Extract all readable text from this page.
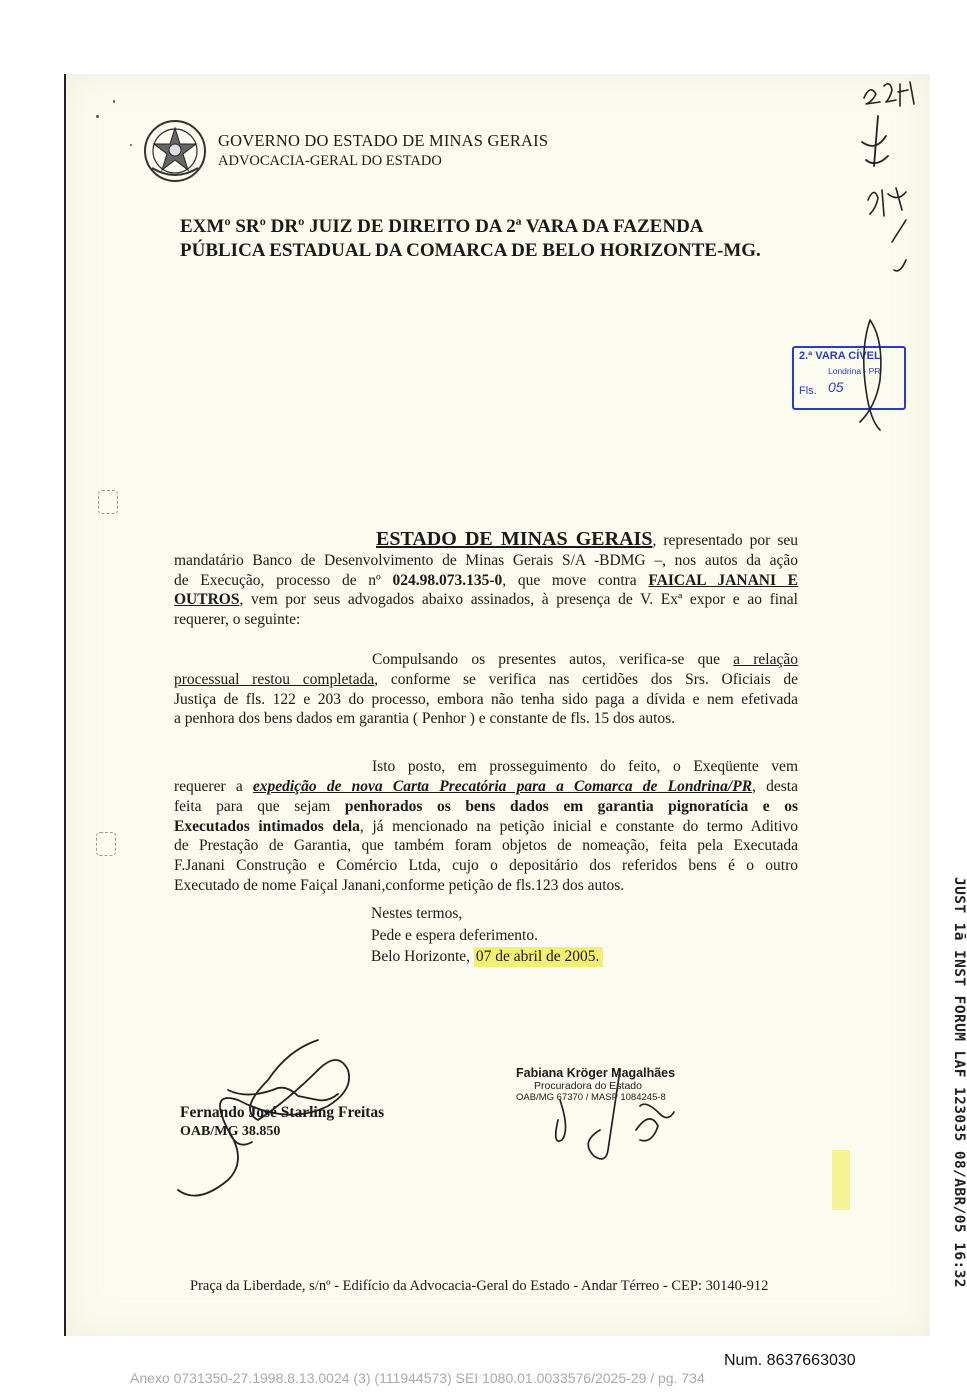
GOVERNO DO ESTADO DE MINAS GERAIS
ADVOCACIA-GERAL DO ESTADO
EXMº SRº DRº JUIZ DE DIREITO DA 2ª VARA DA FAZENDA
PÚBLICA ESTADUAL DA COMARCA DE BELO HORIZONTE-MG.
2.ª VARA CÍVEL
Londrina - PR
Fls. 05
ESTADO DE MINAS GERAIS, representado por seu
mandatário Banco de Desenvolvimento de Minas Gerais S/A -BDMG –, nos autos da ação
de Execução, processo de nº 024.98.073.135-0, que move contra FAICAL JANANI E
OUTROS, vem por seus advogados abaixo assinados, à presença de V. Exª expor e ao final
requerer, o seguinte:
Compulsando os presentes autos, verifica-se que a relação
processual restou completada, conforme se verifica nas certidões dos Srs. Oficiais de
Justiça de fls. 122 e 203 do processo, embora não tenha sido paga a dívida e nem efetivada
a penhora dos bens dados em garantia ( Penhor ) e constante de fls. 15 dos autos.
Isto posto, em prosseguimento do feito, o Exeqüente vem
requerer a expedição de nova Carta Precatória para a Comarca de Londrina/PR, desta
feita para que sejam penhorados os bens dados em garantia pignoratícia e os
Executados intimados dela, já mencionado na petição inicial e constante do termo Aditivo
de Prestação de Garantia, que também foram objetos de nomeação, feita pela Executada
F.Janani Construção e Comércio Ltda, cujo o depositário dos referidos bens é o outro
Executado de nome Faiçal Janani,conforme petição de fls.123 dos autos.
Nestes termos,
Pede e espera deferimento.
Belo Horizonte, 07 de abril de 2005.
Fernando José Starling Freitas
OAB/MG 38.850
Fabiana Kröger Magalhães
Procuradora do Estado
OAB/MG 67370 / MASP 1084245-8	JUST 1ā INST FORUM LAF 123035 08/ABR/05 16:32
Praça da Liberdade, s/nº - Edifício da Advocacia-Geral do Estado - Andar Térreo - CEP: 30140-912
Num. 8637663030
Anexo 0731350-27.1998.8.13.0024 (3) (111944573) SEI 1080.01.0033576/2025-29 / pg. 734
